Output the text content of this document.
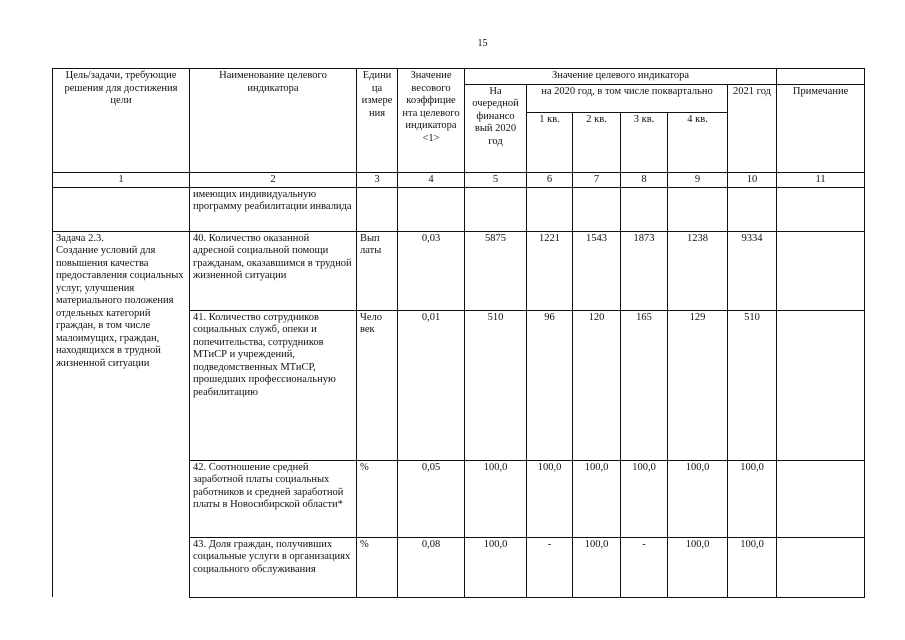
15
Цель/задачи, требующие решения для достижения цели	Наименование целевого индикатора	Едини ца измере ния	Значение весового коэффицие нта целевого индикатора <1>	Значение целевого индикатора						
				На очередной финансо вый 2020 год	на 2020 год, в том числе поквартально				2021 год	Примечание
					1 кв.	2 кв.	3 кв.	4 кв.		
1	2	3	4	5	6	7	8	9	10	11
	имеющих индивидуальную программу реабилитации инвалида									

Задача 2.3.
Создание условий для повышения качества предоставления социальных услуг, улучшения материального положения отдельных категорий граждан, в том числе малоимущих, граждан, находящихся в трудной жизненной ситуации	40. Количество оказанной адресной социальной помощи гражданам, оказавшимся в трудной жизненной ситуации	Вып латы	0,03	5875	1221	1543	1873	1238	9334	
	41. Количество сотрудников социальных служб, опеки и попечительства, сотрудников МТиСР и учреждений, подведомственных МТиСР, прошедших профессиональную реабилитацию	Чело век	0,01	510	96	120	165	129	510	
	42. Соотношение средней заработной платы социальных работников и средней заработной платы в Новосибирской области*	%	0,05	100,0	100,0	100,0	100,0	100,0	100,0	
	43. Доля граждан, получивших социальные услуги в организациях социального обслуживания	%	0,08	100,0	-	100,0	-	100,0	100,0	
